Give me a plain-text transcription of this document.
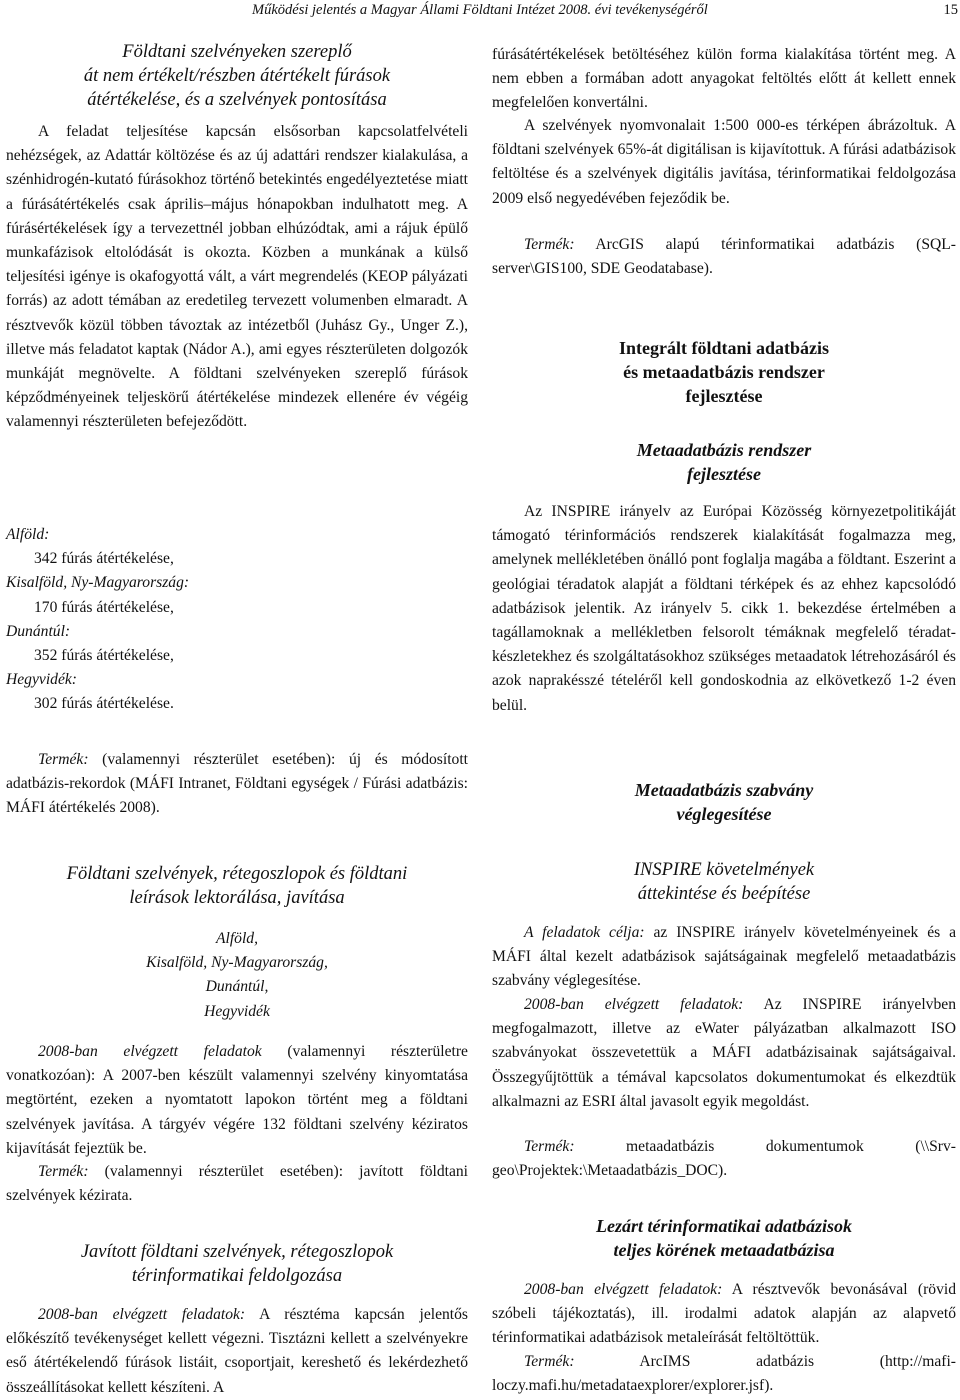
Működési jelentés a Magyar Állami Földtani Intézet 2008. évi tevékenységéről	15
Földtani szelvényeken szereplő
át nem értékelt/részben átértékelt fúrások
átértékelése, és a szelvények pontosítása

A feladat teljesítése kapcsán elsősorban kapcsolatfelvételi nehézségek, az Adattár költözése és az új adattári rendszer kialakulása, a szénhidrogén-kutató fúrásokhoz történő betekintés engedélyeztetése miatt a fúrásátértékelés csak április–május hónapokban indulhatott meg. A fúrásértékelések így a tervezettnél jobban elhúzódtak, ami a rájuk épülő munkafázisok eltolódását is okozta. Közben a munkának a külső teljesítési igénye is okafogyottá vált, a várt megrendelés (KEOP pályázati forrás) az adott témában az eredetileg tervezett volumenben elmaradt. A résztvevők közül többen távoztak az intézetből (Juhász Gy., Unger Z.), illetve más feladatot kaptak (Nádor A.), ami egyes részterületen dolgozók munkáját megnövelte. A földtani szelvényeken szereplő fúrások képződményeinek teljeskörű átértékelése mindezek ellenére év végéig valamennyi részterületen befejeződött.

Alföld:
342 fúrás átértékelése,
Kisalföld, Ny-Magyarország:
170 fúrás átértékelése,
Dunántúl:
352 fúrás átértékelése,
Hegyvidék:
302 fúrás átértékelése.

Termék: (valamennyi részterület esetében): új és módosított adatbázis-rekordok (MÁFI Intranet, Földtani egységek / Fúrási adatbázis: MÁFI átértékelés 2008).

Földtani szelvények, rétegoszlopok és földtani
leírások lektorálása, javítása
Alföld,
Kisalföld, Ny-Magyarország,
Dunántúl,
Hegyvidék

2008-ban elvégzett feladatok (valamennyi részterületre vonatkozóan): A 2007-ben készült valamennyi szelvény kinyomtatása megtörtént, ezeken a nyomtatott lapokon történt meg a földtani szelvények javítása. A tárgyév végére 132 földtani szelvény kéziratos kijavítását fejeztük be.

Termék: (valamennyi részterület esetében): javított földtani szelvények kézirata.

Javított földtani szelvények, rétegoszlopok
térinformatikai feldolgozása

2008-ban elvégzett feladatok: A résztéma kapcsán jelentős előkészítő tevékenységet kellett végezni. Tisztázni kellett a szelvényekre eső átértékelendő fúrások listáit, csoportjait, kereshető és lekérdezhető összeállításokat kellett készíteni. A

fúrásátértékelések betöltéséhez külön forma kialakítása történt meg. A nem ebben a formában adott anyagokat feltöltés előtt át kellett ennek megfelelően konvertálni.

A szelvények nyomvonalait 1:500 000-es térképen ábrázoltuk. A földtani szelvények 65%-át digitálisan is kijavítottuk. A fúrási adatbázisok feltöltése és a szelvények digitális javítása, térinformatikai feldolgozása 2009 első negyedévében fejeződik be.

Termék: ArcGIS alapú térinformatikai adatbázis (SQL-server\GIS100, SDE Geodatabase).

Integrált földtani adatbázis
és metaadatbázis rendszer
fejlesztése
Metaadatbázis rendszer
fejlesztése

Az INSPIRE irányelv az Európai Közösség környezetpolitikáját támogató térinformációs rendszerek kialakítását fogalmazza meg, amelynek mellékletében önálló pont foglalja magába a földtant. Eszerint a geológiai téradatok alapját a földtani térképek és az ehhez kapcsolódó adatbázisok jelentik. Az irányelv 5. cikk 1. bekezdése értelmében a tagállamoknak a mellékletben felsorolt témáknak megfelelő téradat-készletekhez és szolgáltatásokhoz szükséges metaadatok létrehozásáról és azok naprakésszé tételéről kell gondoskodnia az elkövetkező 1-2 éven belül.

Metaadatbázis szabvány
véglegesítése
INSPIRE követelmények
áttekintése és beépítése

A feladatok célja: az INSPIRE irányelv követelményeinek és a MÁFI által kezelt adatbázisok sajátságainak megfelelő metaadatbázis szabvány véglegesítése.

2008-ban elvégzett feladatok: Az INSPIRE irányelvben megfogalmazott, illetve az eWater pályázatban alkalmazott ISO szabványokat összevetettük a MÁFI adatbázisainak sajátságaival. Összegyűjtöttük a témával kapcsolatos dokumentumokat és elkezdtük alkalmazni az ESRI által javasolt egyik megoldást.

Termék: metaadatbázis dokumentumok (\\Srv-geo\Projektek:\Metaadatbázis_DOC).

Lezárt térinformatikai adatbázisok
teljes körének metaadatbázisa

2008-ban elvégzett feladatok: A résztvevők bevonásával (rövid szóbeli tájékoztatás), ill. irodalmi adatok alapján az alapvető térinformatikai adatbázisok metaleírását feltöltöttük.

Termék: ArcIMS adatbázis (http://mafi-loczy.mafi.hu/metadataexplorer/explorer.jsf).
